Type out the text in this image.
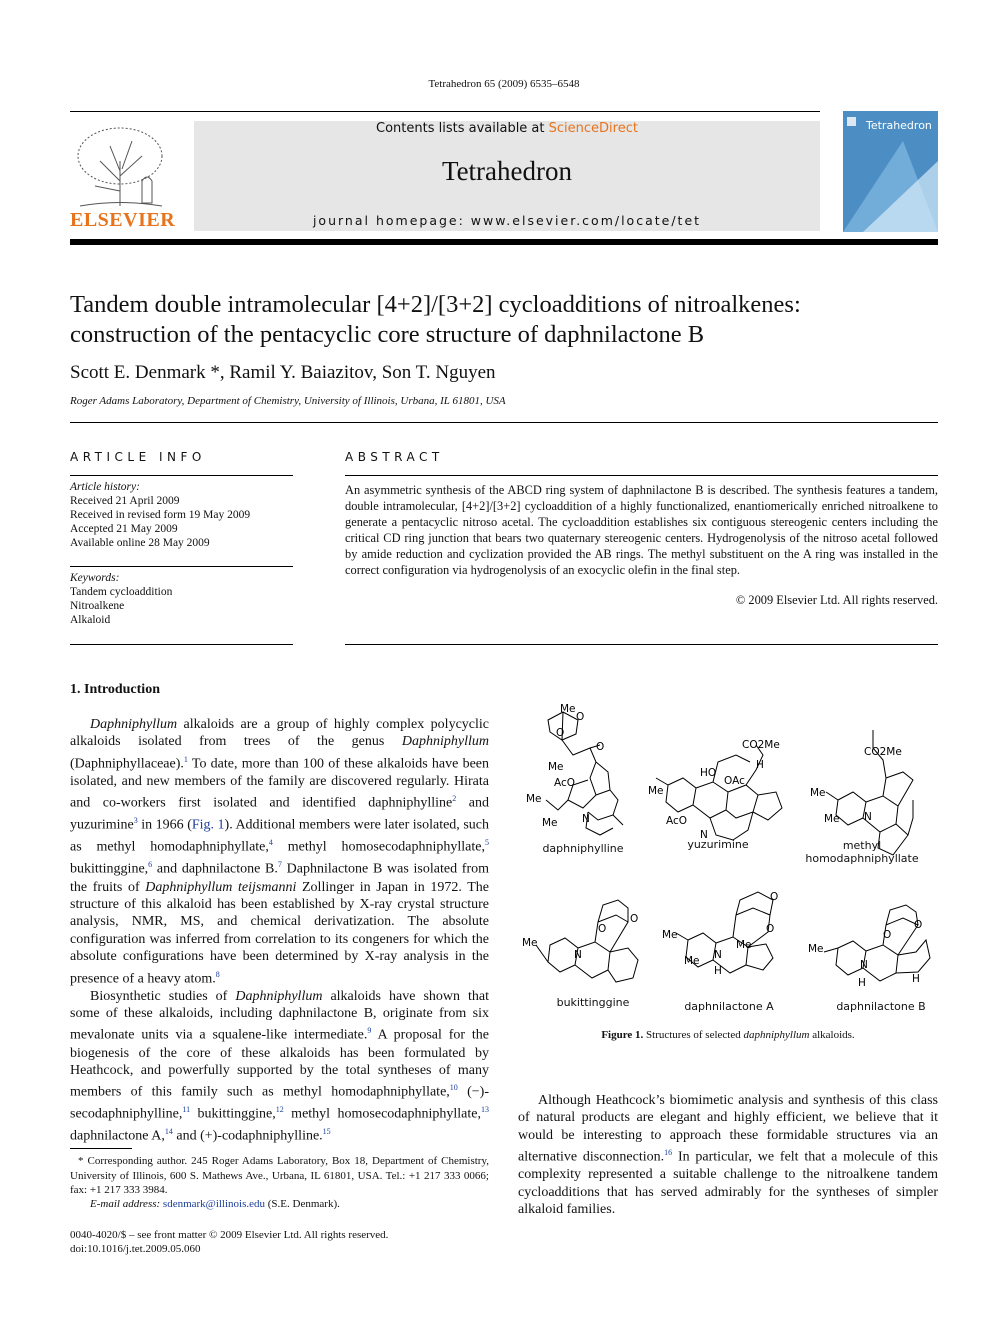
Tetrahedron 65 (2009) 6535–6548
ELSEVIER
Contents lists available at ScienceDirect
Tetrahedron
journal homepage: www.elsevier.com/locate/tet
Tetrahedron
Tandem double intramolecular [4+2]/[3+2] cycloadditions of nitroalkenes:
construction of the pentacyclic core structure of daphnilactone B
Scott E. Denmark *, Ramil Y. Baiazitov, Son T. Nguyen
Roger Adams Laboratory, Department of Chemistry, University of Illinois, Urbana, IL 61801, USA
ARTICLE INFO
Article history:
Received 21 April 2009
Received in revised form 19 May 2009
Accepted 21 May 2009
Available online 28 May 2009
Keywords:
Tandem cycloaddition
Nitroalkene
Alkaloid
ABSTRACT
An asymmetric synthesis of the ABCD ring system of daphnilactone B is described. The synthesis features a tandem, double intramolecular, [4+2]/[3+2] cycloaddition of a highly functionalized, enantiomerically enriched nitroalkene to generate a pentacyclic nitroso acetal. The cycloaddition establishes six contiguous stereogenic centers including the critical CD ring junction that bears two quaternary stereogenic centers. Hydrogenolysis of the nitroso acetal followed by amide reduction and cyclization provided the AB rings. The methyl substituent on the A ring was installed in the correct configuration via hydrogenolysis of an exocyclic olefin in the final step.
© 2009 Elsevier Ltd. All rights reserved.
1. Introduction

Daphniphyllum alkaloids are a group of highly complex polycyclic alkaloids isolated from trees of the genus Daphniphyllum (Daphniphyllaceae).$^1$ To date, more than 100 of these alkaloids have been isolated, and new members of the family are discovered regularly. Hirata and co-workers first isolated and identified daphniphylline$^2$ and yuzurimine$^3$ in 1966 (Fig. 1). Additional members were later isolated, such as methyl homodaphniphyllate,$^4$ methyl homosecodaphniphyllate,$^5$ bukittinggine,$^6$ and daphnilactone B.$^7$ Daphnilactone B was isolated from the fruits of Daphniphyllum teijsmanni Zollinger in Japan in 1972. The structure of this alkaloid has been established by X-ray crystal structure analysis, NMR, MS, and chemical derivatization. The absolute configuration was inferred from correlation to its congeners for which the absolute configurations have been determined by X-ray analysis in the presence of a heavy atom.$^8$

Biosynthetic studies of Daphniphyllum alkaloids have shown that some of these alkaloids, including daphnilactone B, originate from six mevalonate units via a squalene-like intermediate.$^9$ A proposal for the biogenesis of the core of these alkaloids has been formulated by Heathcock, and powerfully supported by the total syntheses of many members of this family such as methyl homodaphniphyllate,$^{10}$ (−)-secodaphniphylline,$^{11}$ bukittinggine,$^{12}$ methyl homosecodaphniphyllate,$^{13}$ daphnilactone A,$^{14}$ and (+)-codaphniphylline.$^{15}$

* Corresponding author. 245 Roger Adams Laboratory, Box 18, Department of Chemistry, University of Illinois, 600 S. Mathews Ave., Urbana, IL 61801, USA. Tel.: +1 217 333 0066; fax: +1 217 333 3984.
E-mail address: sdenmark@illinois.edu (S.E. Denmark).
0040-4020/$ – see front matter © 2009 Elsevier Ltd. All rights reserved.
doi:10.1016/j.tet.2009.05.060
Me
O
O
Me
O
AcO
Me
Me N
CO2Me
HO
OAc
H
Me
N
AcO
CO2Me
Me
Me N
O
O
Me
N
O
O
Me
Me
Me N
H
O
O
Me
N
H	H
daphniphylline	yuzurimine	methyl homodaphniphyllate
bukittinggine	daphnilactone A	daphnilactone B
Figure 1. Structures of selected daphniphyllum alkaloids.

Although Heathcock’s biomimetic analysis and synthesis of this class of natural products are elegant and highly efficient, we believe that it would be interesting to approach these formidable structures via an alternative disconnection.$^{16}$ In particular, we felt that a molecule of this complexity represented a suitable challenge to the nitroalkene tandem cycloadditions that has served admirably for the syntheses of simpler alkaloid families.
